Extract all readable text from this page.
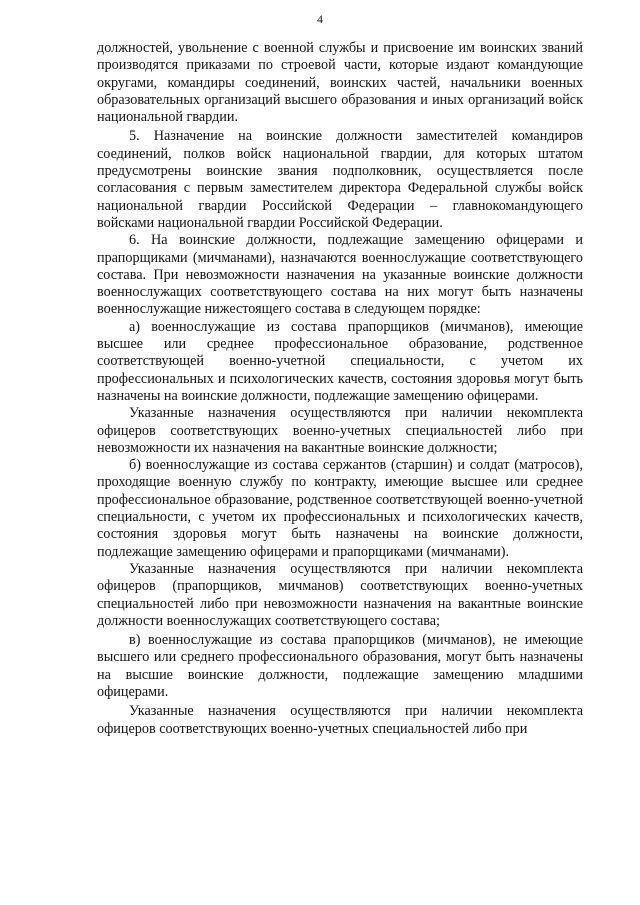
4

должностей, увольнение с военной службы и присвоение им воинских званий производятся приказами по строевой части, которые издают командующие округами, командиры соединений, воинских частей, начальники военных образовательных организаций высшего образования и иных организаций войск национальной гвардии.

5. Назначение на воинские должности заместителей командиров соединений, полков войск национальной гвардии, для которых штатом предусмотрены воинские звания подполковник, осуществляется после согласования с первым заместителем директора Федеральной службы войск национальной гвардии Российской Федерации – главнокомандующего войсками национальной гвардии Российской Федерации.

6. На воинские должности, подлежащие замещению офицерами и прапорщиками (мичманами), назначаются военнослужащие соответствующего состава. При невозможности назначения на указанные воинские должности военнослужащих соответствующего состава на них могут быть назначены военнослужащие нижестоящего состава в следующем порядке:

а) военнослужащие из состава прапорщиков (мичманов), имеющие высшее или среднее профессиональное образование, родственное соответствующей военно-учетной специальности, с учетом их профессиональных и психологических качеств, состояния здоровья могут быть назначены на воинские должности, подлежащие замещению офицерами.

Указанные назначения осуществляются при наличии некомплекта офицеров соответствующих военно-учетных специальностей либо при невозможности их назначения на вакантные воинские должности;

б) военнослужащие из состава сержантов (старшин) и солдат (матросов), проходящие военную службу по контракту, имеющие высшее или среднее профессиональное образование, родственное соответствующей военно-учетной специальности, с учетом их профессиональных и психологических качеств, состояния здоровья могут быть назначены на воинские должности, подлежащие замещению офицерами и прапорщиками (мичманами).

Указанные назначения осуществляются при наличии некомплекта офицеров (прапорщиков, мичманов) соответствующих военно-учетных специальностей либо при невозможности назначения на вакантные воинские должности военнослужащих соответствующего состава;

в) военнослужащие из состава прапорщиков (мичманов), не имеющие высшего или среднего профессионального образования, могут быть назначены на высшие воинские должности, подлежащие замещению младшими офицерами.

Указанные назначения осуществляются при наличии некомплекта офицеров соответствующих военно-учетных специальностей либо при
